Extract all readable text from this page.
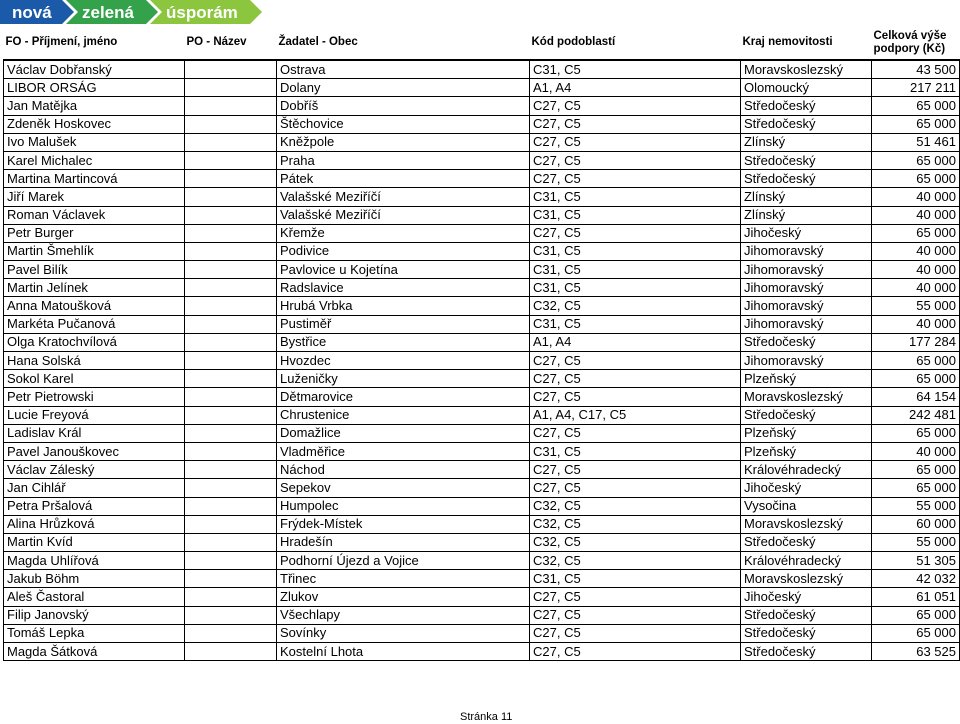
nová zelená úsporám
FO - Příjmení, jméno	PO - Název	Žadatel - Obec	Kód podoblastí	Kraj nemovitosti	Celková výše podpory (Kč)
Václav Dobřanský		Ostrava	C31, C5	Moravskoslezský	43 500
LIBOR ORSÁG		Dolany	A1, A4	Olomoucký	217 211
Jan Matějka		Dobříš	C27, C5	Středočeský	65 000
Zdeněk Hoskovec		Štěchovice	C27, C5	Středočeský	65 000
Ivo Malušek		Kněžpole	C27, C5	Zlínský	51 461
Karel Michalec		Praha	C27, C5	Středočeský	65 000
Martina Martincová		Pátek	C27, C5	Středočeský	65 000
Jiří Marek		Valašské Meziříčí	C31, C5	Zlínský	40 000
Roman Václavek		Valašské Meziříčí	C31, C5	Zlínský	40 000
Petr Burger		Křemže	C27, C5	Jihočeský	65 000
Martin Šmehlík		Podivice	C31, C5	Jihomoravský	40 000
Pavel Bilík		Pavlovice u Kojetína	C31, C5	Jihomoravský	40 000
Martin Jelínek		Radslavice	C31, C5	Jihomoravský	40 000
Anna Matoušková		Hrubá Vrbka	C32, C5	Jihomoravský	55 000
Markéta Pučanová		Pustiměř	C31, C5	Jihomoravský	40 000
Olga Kratochvílová		Bystřice	A1, A4	Středočeský	177 284
Hana Solská		Hvozdec	C27, C5	Jihomoravský	65 000
Sokol Karel		Luženičky	C27, C5	Plzeňský	65 000
Petr Pietrowski		Dětmarovice	C27, C5	Moravskoslezský	64 154
Lucie Freyová		Chrustenice	A1, A4, C17, C5	Středočeský	242 481
Ladislav Král		Domažlice	C27, C5	Plzeňský	65 000
Pavel Janouškovec		Vladměřice	C31, C5	Plzeňský	40 000
Václav Záleský		Náchod	C27, C5	Královéhradecký	65 000
Jan Cihlář		Sepekov	C27, C5	Jihočeský	65 000
Petra Pršalová		Humpolec	C32, C5	Vysočina	55 000
Alina Hrůzková		Frýdek-Místek	C32, C5	Moravskoslezský	60 000
Martin Kvíd		Hradešín	C32, C5	Středočeský	55 000
Magda Uhlířová		Podhorní Újezd a Vojice	C32, C5	Královéhradecký	51 305
Jakub Böhm		Třinec	C31, C5	Moravskoslezský	42 032
Aleš Častoral		Zlukov	C27, C5	Jihočeský	61 051
Filip Janovský		Všechlapy	C27, C5	Středočeský	65 000
Tomáš Lepka		Sovínky	C27, C5	Středočeský	65 000
Magda Šátková		Kostelní Lhota	C27, C5	Středočeský	63 525
Stránka 11
